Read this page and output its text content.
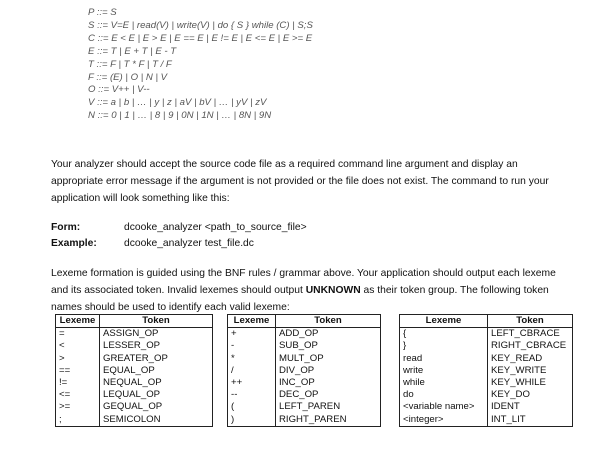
P ::= S
S ::= V=E | read(V) | write(V) | do { S } while (C) | S;S
C ::= E < E | E > E | E == E | E != E | E <= E | E >= E
E ::= T | E + T | E - T
T ::= F | T * F | T / F
F ::= (E) | O | N | V
O ::= V++ | V--
V ::= a | b | … | y | z | aV | bV | … | yV | zV
N ::= 0 | 1 | … | 8 | 9 | 0N | 1N | … | 8N | 9N
Your analyzer should accept the source code file as a required command line argument and display an appropriate error message if the argument is not provided or the file does not exist. The command to run your application will look something like this:
Form:	dcooke_analyzer <path_to_source_file>
Example:	dcooke_analyzer test_file.dc
Lexeme formation is guided using the BNF rules / grammar above. Your application should output each lexeme and its associated token. Invalid lexemes should output UNKNOWN as their token group. The following token names should be used to identify each valid lexeme:
Lexeme	Token
=	ASSIGN_OP
<	LESSER_OP
>	GREATER_OP
==	EQUAL_OP
!=	NEQUAL_OP
<=	LEQUAL_OP
>=	GEQUAL_OP
;	SEMICOLON
Lexeme	Token
+	ADD_OP
-	SUB_OP
*	MULT_OP
/	DIV_OP
++	INC_OP
--	DEC_OP
(	LEFT_PAREN
)	RIGHT_PAREN
Lexeme	Token
{	LEFT_CBRACE
}	RIGHT_CBRACE
read	KEY_READ
write	KEY_WRITE
while	KEY_WHILE
do	KEY_DO
<variable name>	IDENT
<integer>	INT_LIT
